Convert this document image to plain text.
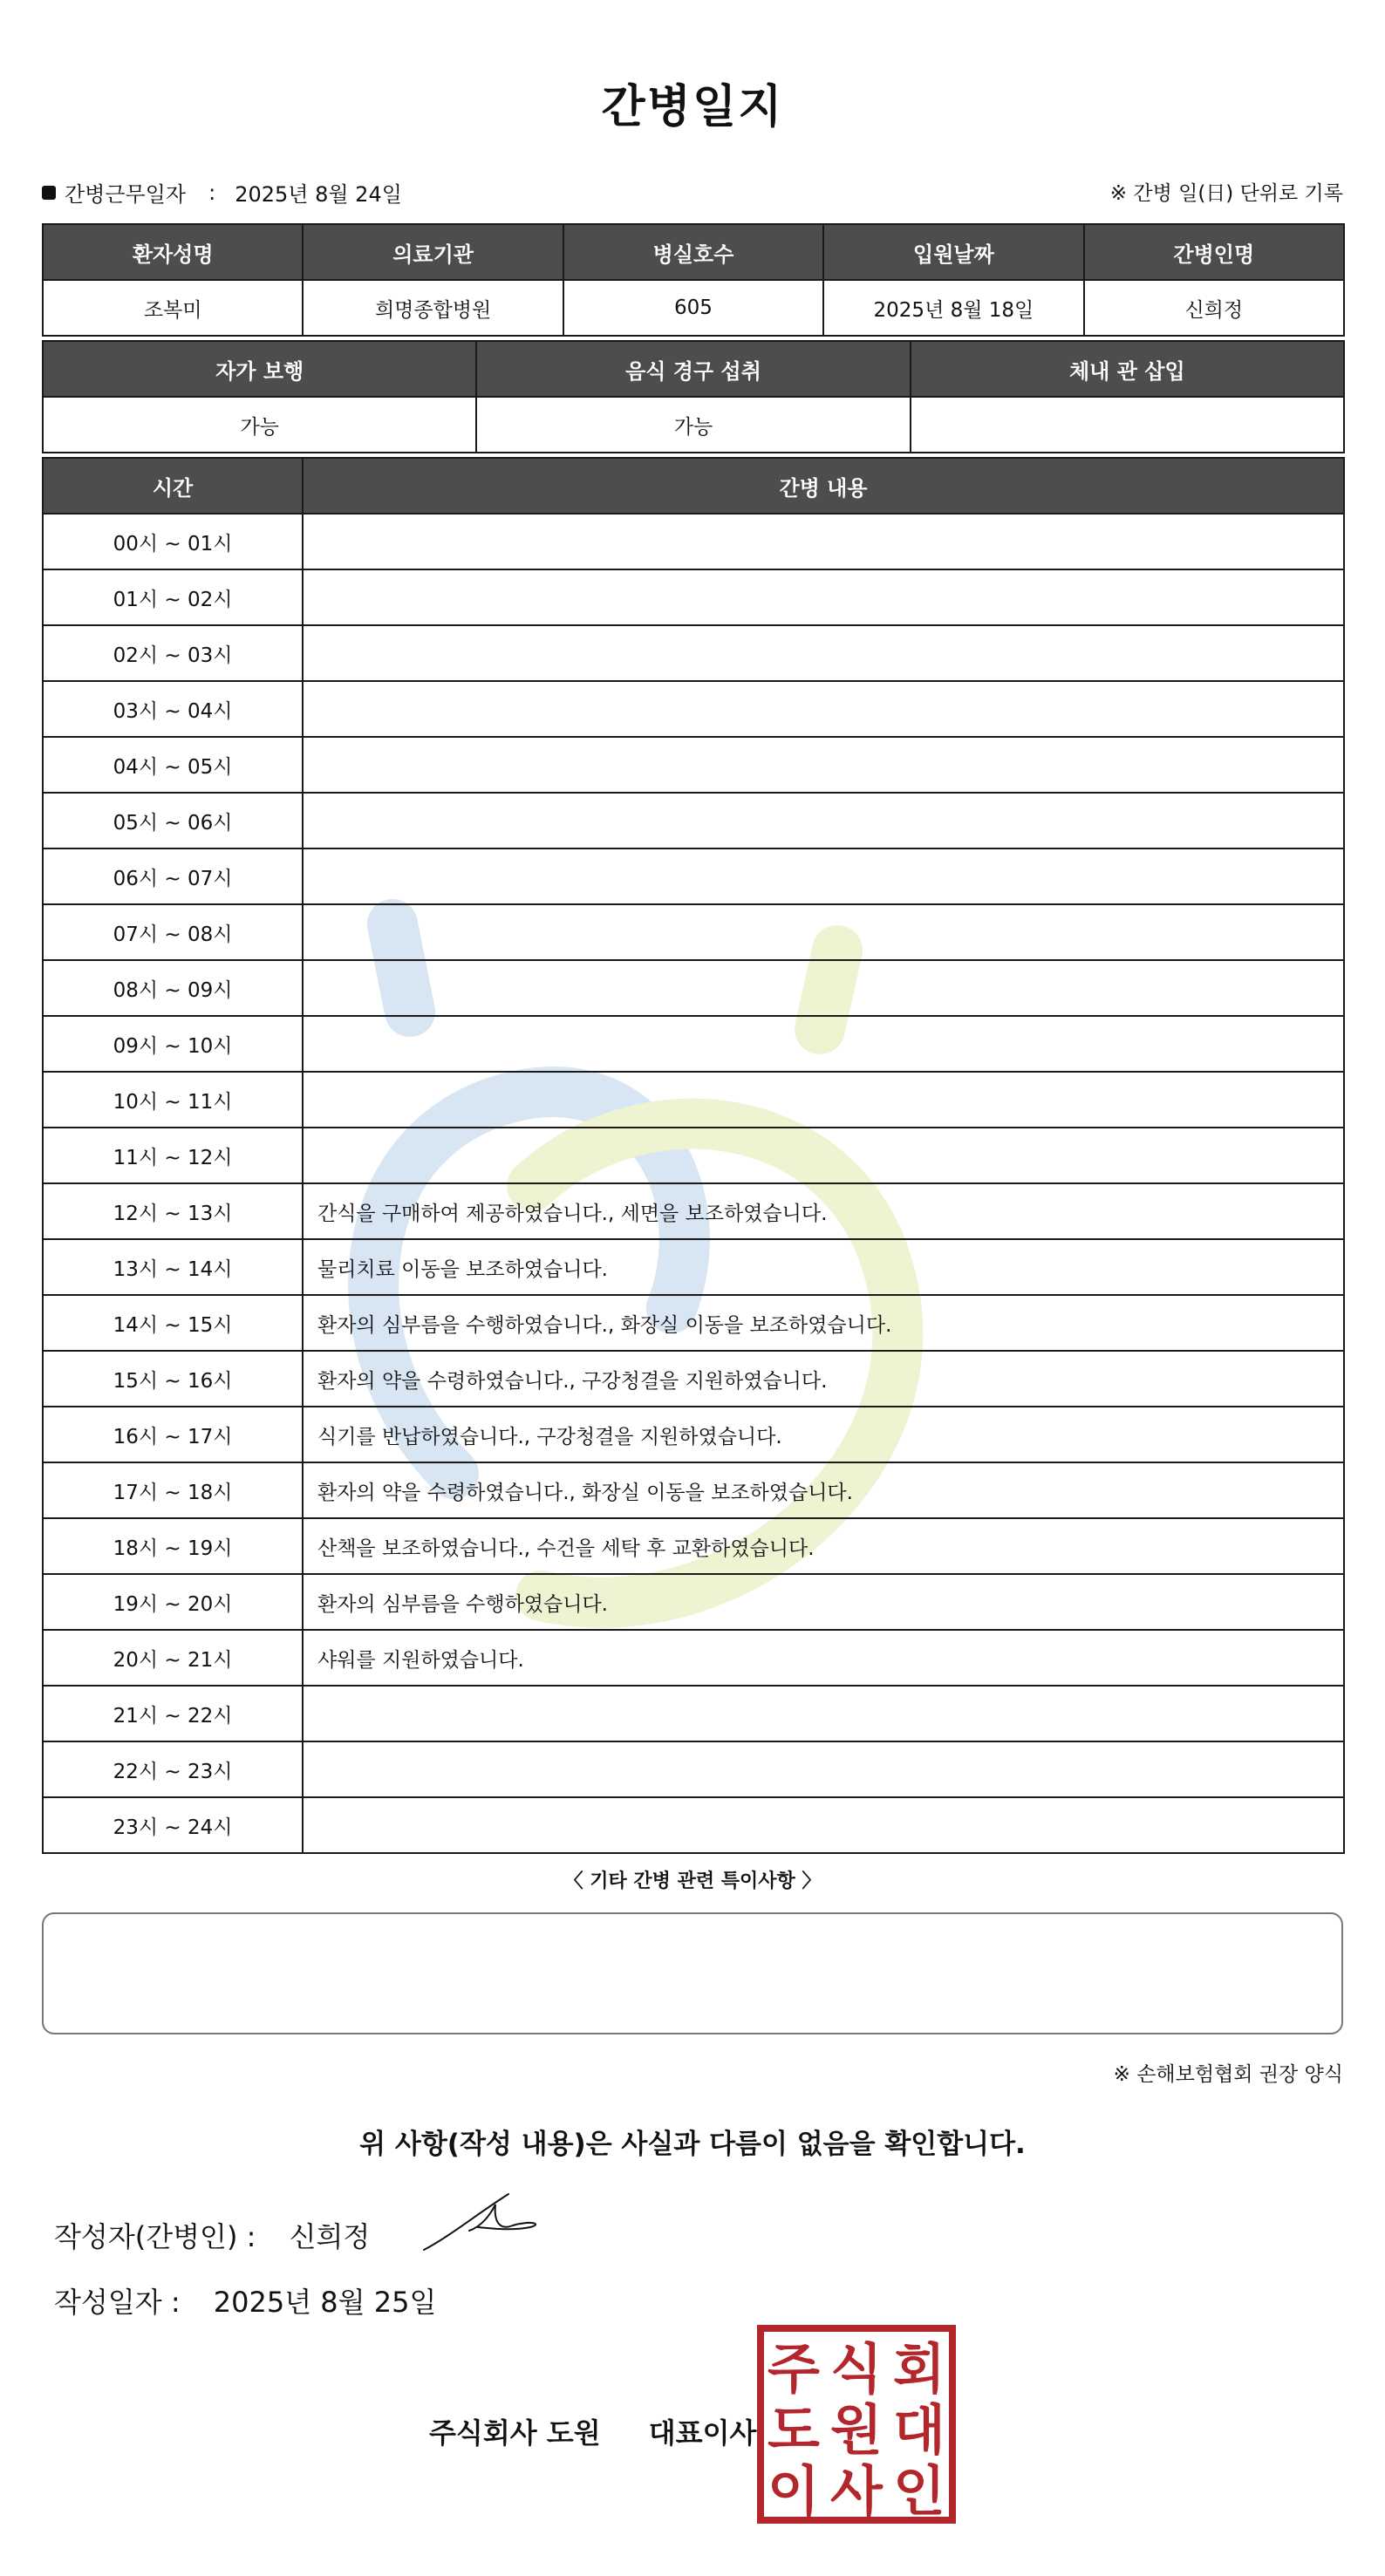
간병일지
간병근무일자 : 2025년 8월 24일	※ 간병 일(日) 단위로 기록
환자성명	의료기관	병실호수	입원날짜	간병인명
조복미	희명종합병원	605	2025년 8월 18일	신희정
자가 보행	음식 경구 섭취	체내 관 삽입
가능	가능
시간	간병 내용
00시 ~ 01시
01시 ~ 02시
02시 ~ 03시
03시 ~ 04시
04시 ~ 05시
05시 ~ 06시
06시 ~ 07시
07시 ~ 08시
08시 ~ 09시
09시 ~ 10시
10시 ~ 11시
11시 ~ 12시
12시 ~ 13시	간식을 구매하여 제공하였습니다., 세면을 보조하였습니다.
13시 ~ 14시	물리치료 이동을 보조하였습니다.
14시 ~ 15시	환자의 심부름을 수행하였습니다., 화장실 이동을 보조하였습니다.
15시 ~ 16시	환자의 약을 수령하였습니다., 구강청결을 지원하였습니다.
16시 ~ 17시	식기를 반납하였습니다., 구강청결을 지원하였습니다.
17시 ~ 18시	환자의 약을 수령하였습니다., 화장실 이동을 보조하였습니다.
18시 ~ 19시	산책을 보조하였습니다., 수건을 세탁 후 교환하였습니다.
19시 ~ 20시	환자의 심부름을 수행하였습니다.
20시 ~ 21시	샤워를 지원하였습니다.
21시 ~ 22시
22시 ~ 23시
23시 ~ 24시
〈 기타 간병 관련 특이사항 〉
※ 손해보험협회 권장 양식
위 사항(작성 내용)은 사실과 다름이 없음을 확인합니다.
작성자(간병인) : 신희정
작성일자 : 2025년 8월 25일
주식회사 도원 대표이사
주 식 회
도 원 대
이 사 인
